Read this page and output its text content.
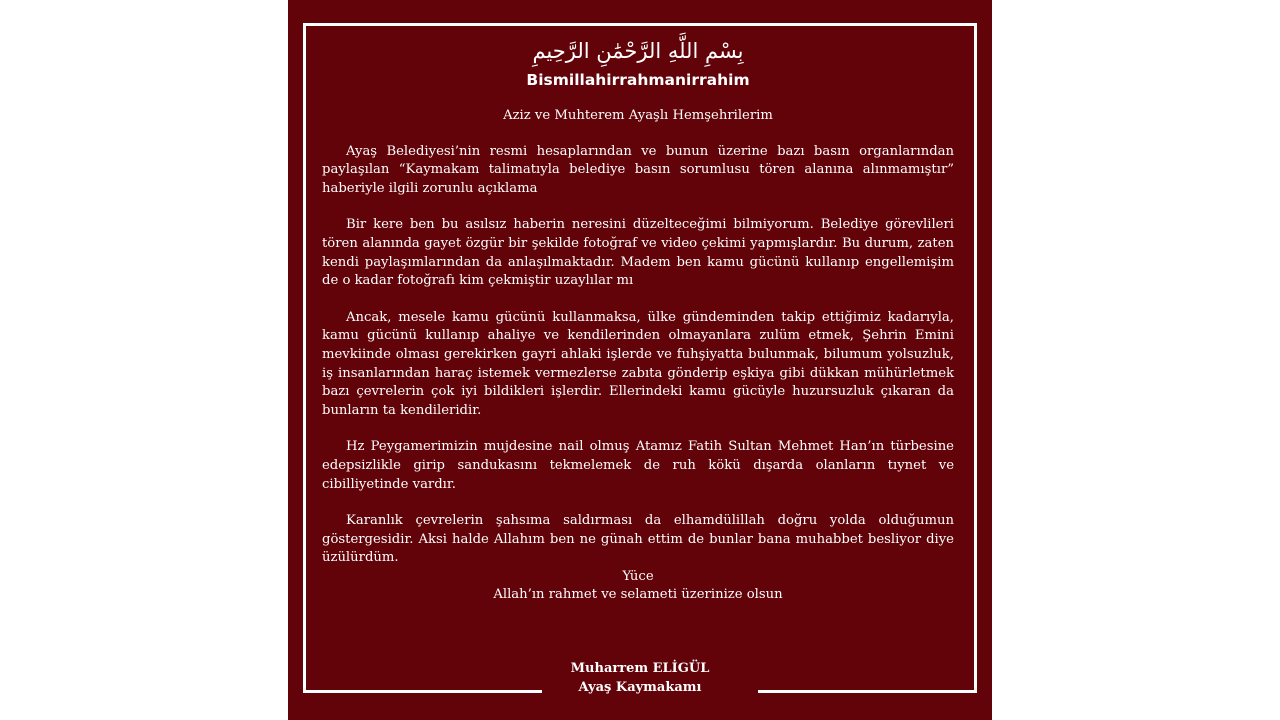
بِسْمِ اللَّهِ الرَّحْمَٰنِ الرَّحِيمِ
Bismillahirrahmanirrahim
Aziz ve Muhterem Ayaşlı Hemşehrilerim
Ayaş Belediyesi’nin resmi hesaplarından ve bunun üzerine bazı basın organlarından paylaşılan “Kaymakam talimatıyla belediye basın sorumlusu tören alanına alınmamıştır” haberiyle ilgili zorunlu açıklama
Bir kere ben bu asılsız haberin neresini düzelteceğimi bilmiyorum. Belediye görevlileri tören alanında gayet özgür bir şekilde fotoğraf ve video çekimi yapmışlardır. Bu durum, zaten kendi paylaşımlarından da anlaşılmaktadır. Madem ben kamu gücünü kullanıp engellemişim de o kadar fotoğrafı kim çekmiştir uzaylılar mı
Ancak, mesele kamu gücünü kullanmaksa, ülke gündeminden takip ettiğimiz kadarıyla, kamu gücünü kullanıp ahaliye ve kendilerinden olmayanlara zulüm etmek, Şehrin Emini mevkiinde olması gerekirken gayri ahlaki işlerde ve fuhşiyatta bulunmak, bilumum yolsuzluk, iş insanlarından haraç istemek vermezlerse zabıta gönderip eşkiya gibi dükkan mühürletmek bazı çevrelerin çok iyi bildikleri işlerdir. Ellerindeki kamu gücüyle huzursuzluk çıkaran da bunların ta kendileridir.
Hz Peygamerimizin mujdesine nail olmuş Atamız Fatih Sultan Mehmet Han’ın türbesine edepsizlikle girip sandukasını tekmelemek de ruh kökü dışarda olanların tıynet ve cibilliyetinde vardır.
Karanlık çevrelerin şahsıma saldırması da elhamdülillah doğru yolda olduğumun göstergesidir. Aksi halde Allahım ben ne günah ettim de bunlar bana muhabbet besliyor diye üzülürdüm.
Yüce
Allah’ın rahmet ve selameti üzerinize olsun
Muharrem ELİGÜL
Ayaş Kaymakamı
